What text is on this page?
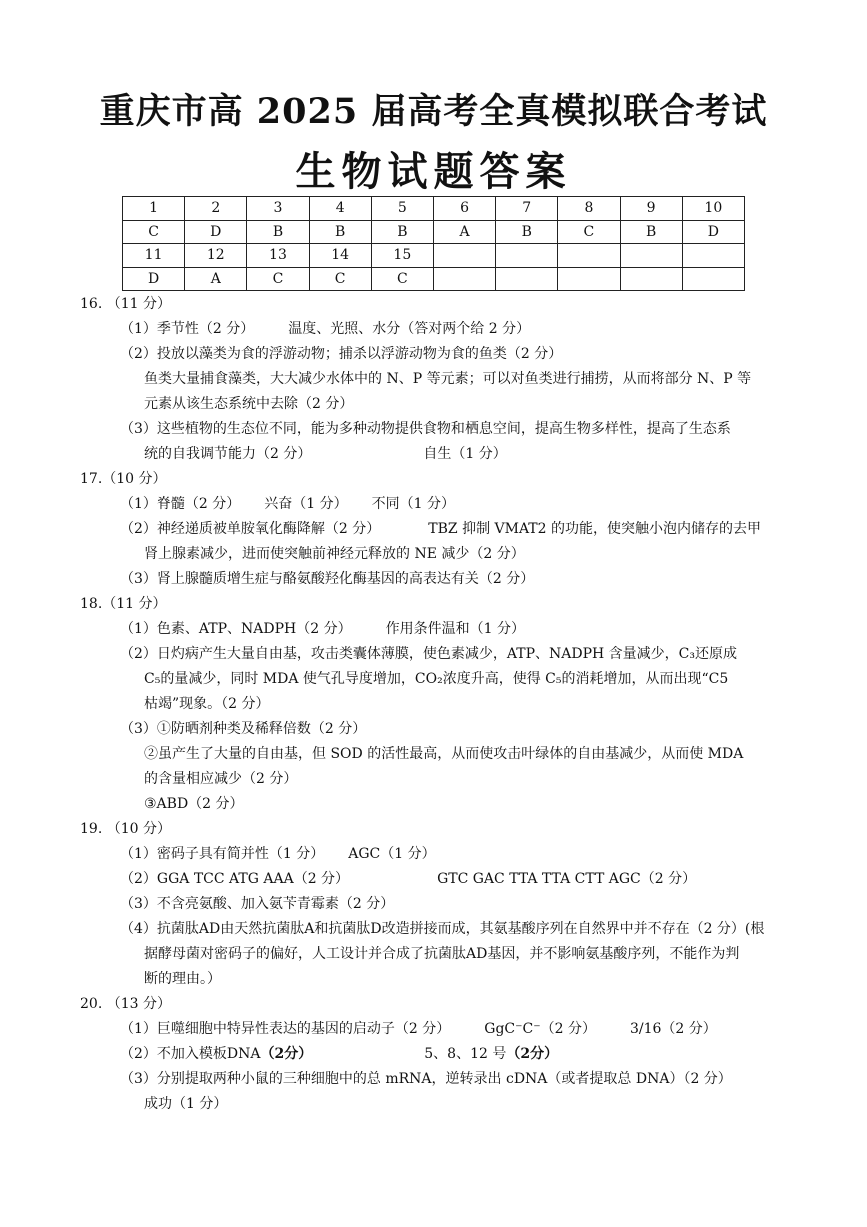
重庆市高 2025 届高考全真模拟联合考试
生物试题答案
1	2	3	4	5	6	7	8	9	10
C	D	B	B	B	A	B	C	B	D
11	12	13	14	15					
D	A	C	C	C					
16. （11 分）
（1）季节性（2 分） 温度、光照、水分（答对两个给 2 分）
（2）投放以藻类为食的浮游动物；捕杀以浮游动物为食的鱼类（2 分）
鱼类大量捕食藻类，大大减少水体中的 N、P 等元素；可以对鱼类进行捕捞，从而将部分 N、P 等
元素从该生态系统中去除（2 分）
（3）这些植物的生态位不同，能为多种动物提供食物和栖息空间，提高生物多样性，提高了生态系
统的自我调节能力（2 分）	自生（1 分）
17.（10 分）
（1）脊髓（2 分） 兴奋（1 分） 不同（1 分）
（2）神经递质被单胺氧化酶降解（2 分）	TBZ 抑制 VMAT2 的功能，使突触小泡内储存的去甲
肾上腺素减少，进而使突触前神经元释放的 NE 减少（2 分）
（3）肾上腺髓质增生症与酪氨酸羟化酶基因的高表达有关（2 分）
18.（11 分）
（1）色素、ATP、NADPH（2 分） 作用条件温和（1 分）
（2）日灼病产生大量自由基，攻击类囊体薄膜，使色素减少，ATP、NADPH 含量减少，C₃还原成
C₅的量减少，同时 MDA 使气孔导度增加，CO₂浓度升高，使得 C₅的消耗增加，从而出现“C5
枯竭”现象。（2 分）
（3）①防晒剂种类及稀释倍数（2 分）
②虽产生了大量的自由基，但 SOD 的活性最高，从而使攻击叶绿体的自由基减少，从而使 MDA
的含量相应减少（2 分）
③ABD（2 分）
19. （10 分）
（1）密码子具有简并性（1 分） AGC（1 分）
（2）GGA TCC ATG AAA（2 分）	GTC GAC TTA TTA CTT AGC（2 分）
（3）不含亮氨酸、加入氨苄青霉素（2 分）
（4）抗菌肽AD由天然抗菌肽A和抗菌肽D改造拼接而成，其氨基酸序列在自然界中并不存在（2 分）(根
据酵母菌对密码子的偏好，人工设计并合成了抗菌肽AD基因，并不影响氨基酸序列，不能作为判
断的理由。）
20. （13 分）
（1）巨噬细胞中特异性表达的基因的启动子（2 分） GgC⁻C⁻（2 分） 3/16（2 分）
（2）不加入模板DNA（2分）	5、8、12 号（2分）
（3）分别提取两种小鼠的三种细胞中的总 mRNA，逆转录出 cDNA（或者提取总 DNA）（2 分）
成功（1 分）
